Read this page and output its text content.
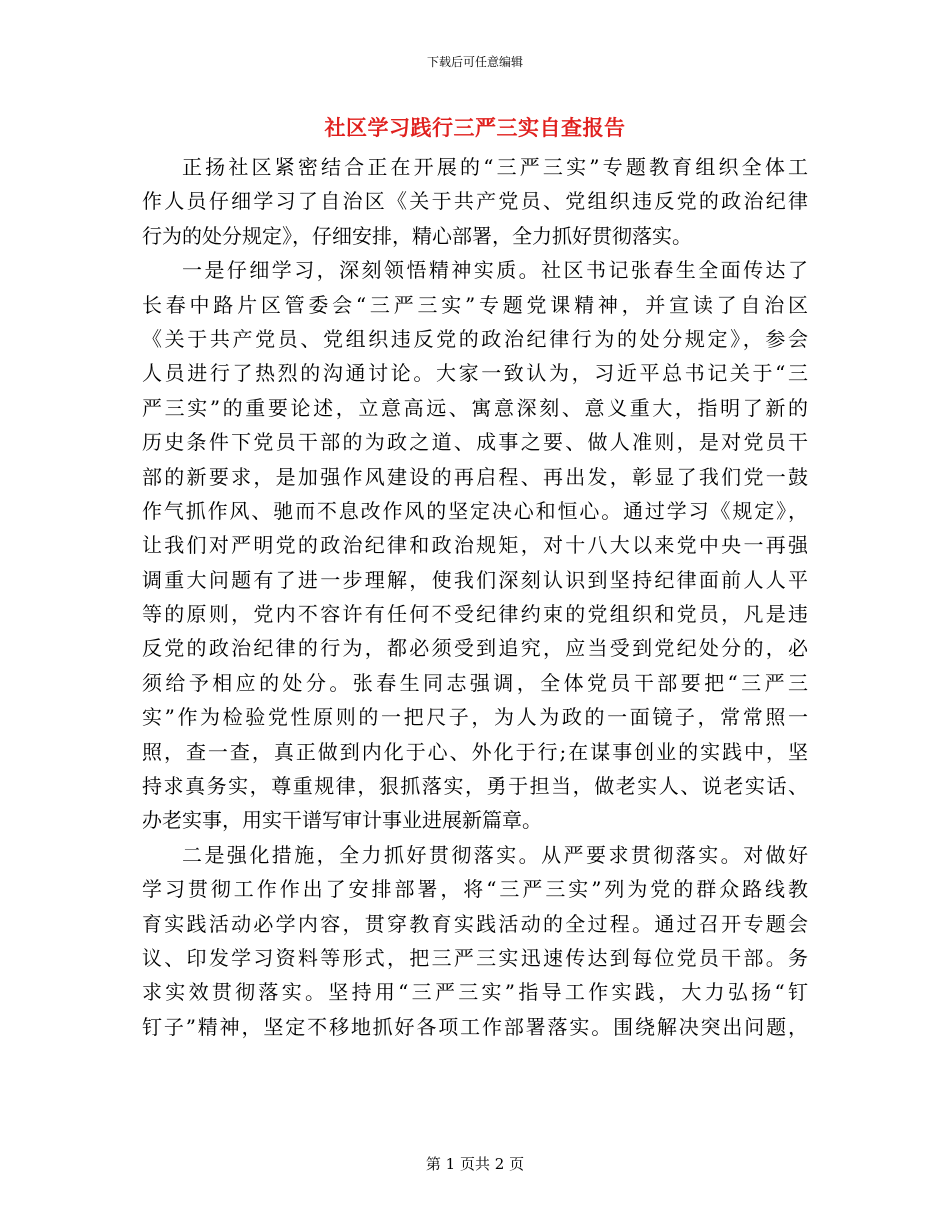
下载后可任意编辑
社区学习践行三严三实自查报告
正扬社区紧密结合正在开展的“三严三实”专题教育组织全体工
作人员仔细学习了自治区《关于共产党员、党组织违反党的政治纪律
行为的处分规定》，仔细安排，精心部署，全力抓好贯彻落实。
一是仔细学习，深刻领悟精神实质。社区书记张春生全面传达了
长春中路片区管委会“三严三实”专题党课精神，并宣读了自治区
《关于共产党员、党组织违反党的政治纪律行为的处分规定》，参会
人员进行了热烈的沟通讨论。大家一致认为，习近平总书记关于“三
严三实”的重要论述，立意高远、寓意深刻、意义重大，指明了新的
历史条件下党员干部的为政之道、成事之要、做人准则，是对党员干
部的新要求，是加强作风建设的再启程、再出发，彰显了我们党一鼓
作气抓作风、驰而不息改作风的坚定决心和恒心。通过学习《规定》，
让我们对严明党的政治纪律和政治规矩，对十八大以来党中央一再强
调重大问题有了进一步理解，使我们深刻认识到坚持纪律面前人人平
等的原则，党内不容许有任何不受纪律约束的党组织和党员，凡是违
反党的政治纪律的行为，都必须受到追究，应当受到党纪处分的，必
须给予相应的处分。张春生同志强调，全体党员干部要把“三严三
实”作为检验党性原则的一把尺子，为人为政的一面镜子，常常照一
照，查一查，真正做到内化于心、外化于行;在谋事创业的实践中，坚
持求真务实，尊重规律，狠抓落实，勇于担当，做老实人、说老实话、
办老实事，用实干谱写审计事业进展新篇章。
二是强化措施，全力抓好贯彻落实。从严要求贯彻落实。对做好
学习贯彻工作作出了安排部署，将“三严三实”列为党的群众路线教
育实践活动必学内容，贯穿教育实践活动的全过程。通过召开专题会
议、印发学习资料等形式，把三严三实迅速传达到每位党员干部。务
求实效贯彻落实。坚持用“三严三实”指导工作实践，大力弘扬“钉
钉子”精神，坚定不移地抓好各项工作部署落实。围绕解决突出问题，
第 1 页共 2 页
